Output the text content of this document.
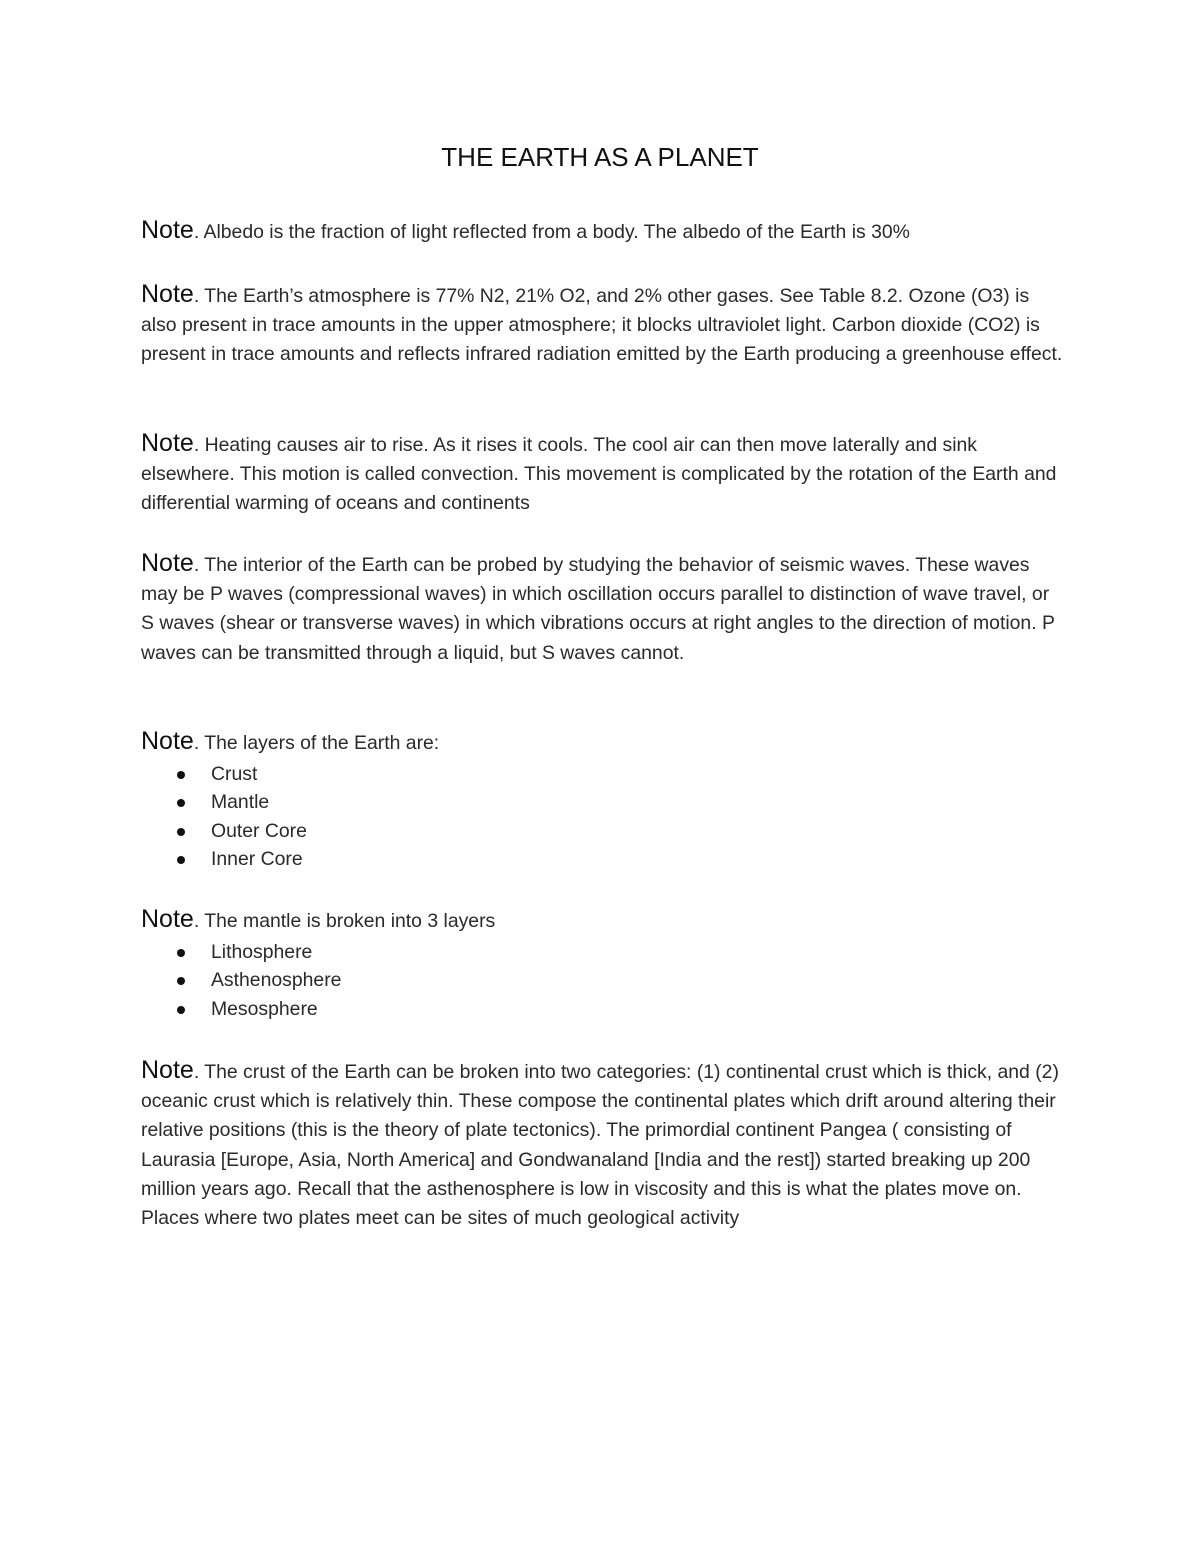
THE EARTH AS A PLANET

Note. Albedo is the fraction of light reflected from a body. The albedo of the Earth is 30%

Note. The Earth’s atmosphere is 77% N2, 21% O2, and 2% other gases. See Table 8.2. Ozone (O3) is also present in trace amounts in the upper atmosphere; it blocks ultraviolet light. Carbon dioxide (CO2) is present in trace amounts and reflects infrared radiation emitted by the Earth producing a greenhouse effect.

Note. Heating causes air to rise. As it rises it cools. The cool air can then move laterally and sink elsewhere. This motion is called convection. This movement is complicated by the rotation of the Earth and differential warming of oceans and continents

Note. The interior of the Earth can be probed by studying the behavior of seismic waves. These waves may be P waves (compressional waves) in which oscillation occurs parallel to distinction of wave travel, or S waves (shear or transverse waves) in which vibrations occurs at right angles to the direction of motion. P waves can be transmitted through a liquid, but S waves cannot.

Note. The layers of the Earth are:

Crust
Mantle
Outer Core
Inner Core

Note. The mantle is broken into 3 layers

Lithosphere
Asthenosphere
Mesosphere

Note. The crust of the Earth can be broken into two categories: (1) continental crust which is thick, and (2) oceanic crust which is relatively thin. These compose the continental plates which drift around altering their relative positions (this is the theory of plate tectonics). The primordial continent Pangea ( consisting of Laurasia [Europe, Asia, North America] and Gondwanaland [India and the rest]) started breaking up 200 million years ago. Recall that the asthenosphere is low in viscosity and this is what the plates move on. Places where two plates meet can be sites of much geological activity
